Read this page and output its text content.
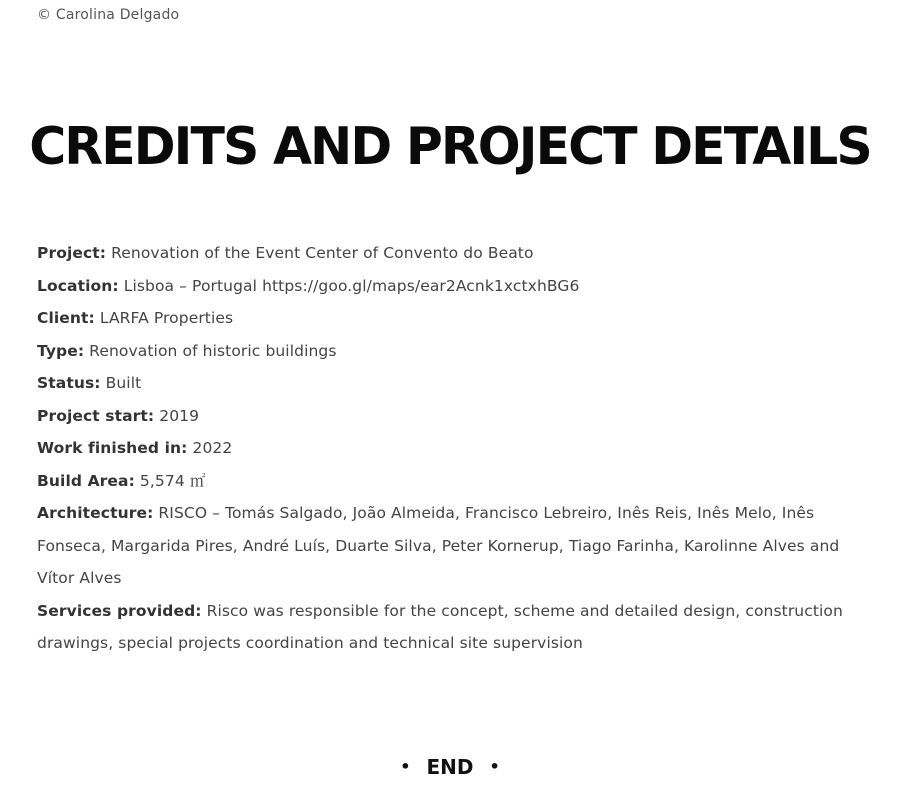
© Carolina Delgado
CREDITS AND PROJECT DETAILS

Project: Renovation of the Event Center of Convento do Beato

Location: Lisboa – Portugal https://goo.gl/maps/ear2Acnk1xctxhBG6

Client: LARFA Properties

Type: Renovation of historic buildings

Status: Built

Project start: 2019

Work finished in: 2022

Build Area: 5,574 ㎡

Architecture: RISCO – Tomás Salgado, João Almeida, Francisco Lebreiro, Inês Reis, Inês Melo, Inês Fonseca, Margarida Pires, André Luís, Duarte Silva, Peter Kornerup, Tiago Farinha, Karolinne Alves and Vítor Alves

Services provided: Risco was responsible for the concept, scheme and detailed design, construction drawings, special projects coordination and technical site supervision

• END •
